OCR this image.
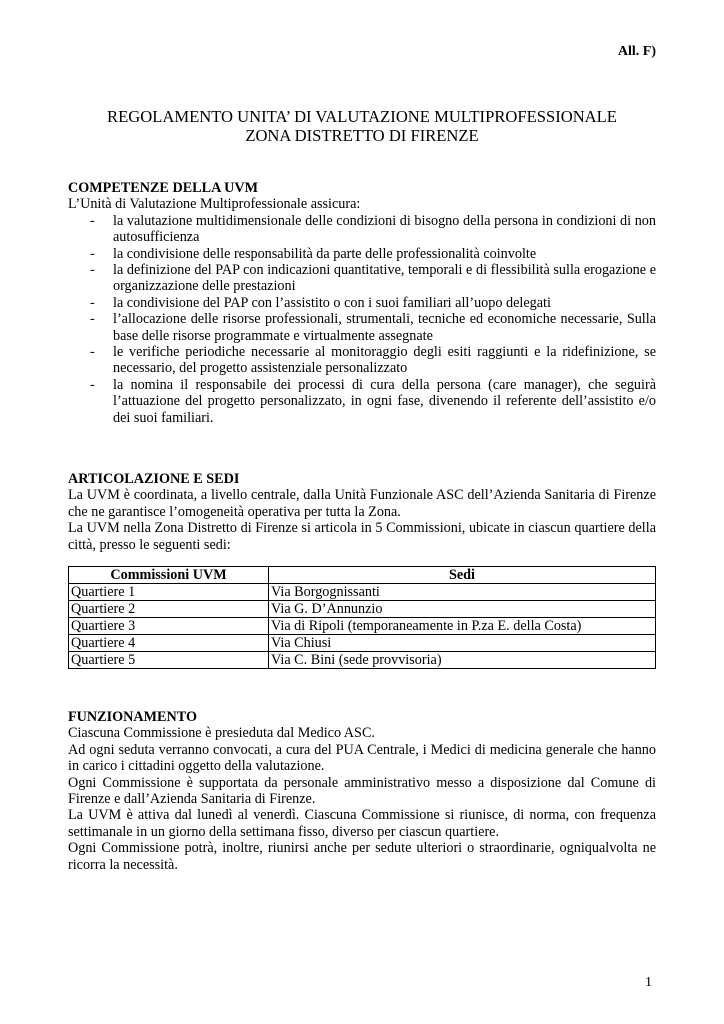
All. F)
REGOLAMENTO UNITA’ DI VALUTAZIONE MULTIPROFESSIONALE
ZONA DISTRETTO DI FIRENZE
COMPETENZE DELLA UVM

L’Unità di Valutazione Multiprofessionale assicura:

- la valutazione multidimensionale delle condizioni di bisogno della persona in condizioni di non autosufficienza
- la condivisione delle responsabilità da parte delle professionalità coinvolte
- la definizione del PAP con indicazioni quantitative, temporali e di flessibilità sulla erogazione e organizzazione delle prestazioni
- la condivisione del PAP con l’assistito o con i suoi familiari all’uopo delegati
- l’allocazione delle risorse professionali, strumentali, tecniche ed economiche necessarie, Sulla base delle risorse programmate e virtualmente assegnate
- le verifiche periodiche necessarie al monitoraggio degli esiti raggiunti e la ridefinizione, se necessario, del progetto assistenziale personalizzato
- la nomina il responsabile dei processi di cura della persona (care manager), che seguirà l’attuazione del progetto personalizzato, in ogni fase, divenendo il referente dell’assistito e/o dei suoi familiari.
ARTICOLAZIONE E SEDI

La UVM è coordinata, a livello centrale, dalla Unità Funzionale ASC dell’Azienda Sanitaria di Firenze che ne garantisce l’omogeneità operativa per tutta la Zona.

La UVM nella Zona Distretto di Firenze si articola in 5 Commissioni, ubicate in ciascun quartiere della città, presso le seguenti sedi:

Commissioni UVM	Sedi
Quartiere 1	Via Borgognissanti
Quartiere 2	Via G. D’Annunzio
Quartiere 3	Via di Ripoli (temporaneamente in P.za E. della Costa)
Quartiere 4	Via Chiusi
Quartiere 5	Via C. Bini (sede provvisoria)
FUNZIONAMENTO

Ciascuna Commissione è presieduta dal Medico ASC.

Ad ogni seduta verranno convocati, a cura del PUA Centrale, i Medici di medicina generale che hanno in carico i cittadini oggetto della valutazione.

Ogni Commissione è supportata da personale amministrativo messo a disposizione dal Comune di Firenze e dall’Azienda Sanitaria di Firenze.

La UVM è attiva dal lunedì al venerdì. Ciascuna Commissione si riunisce, di norma, con frequenza settimanale in un giorno della settimana fisso, diverso per ciascun quartiere.

Ogni Commissione potrà, inoltre, riunirsi anche per sedute ulteriori o straordinarie, ogniqualvolta ne ricorra la necessità.

1
